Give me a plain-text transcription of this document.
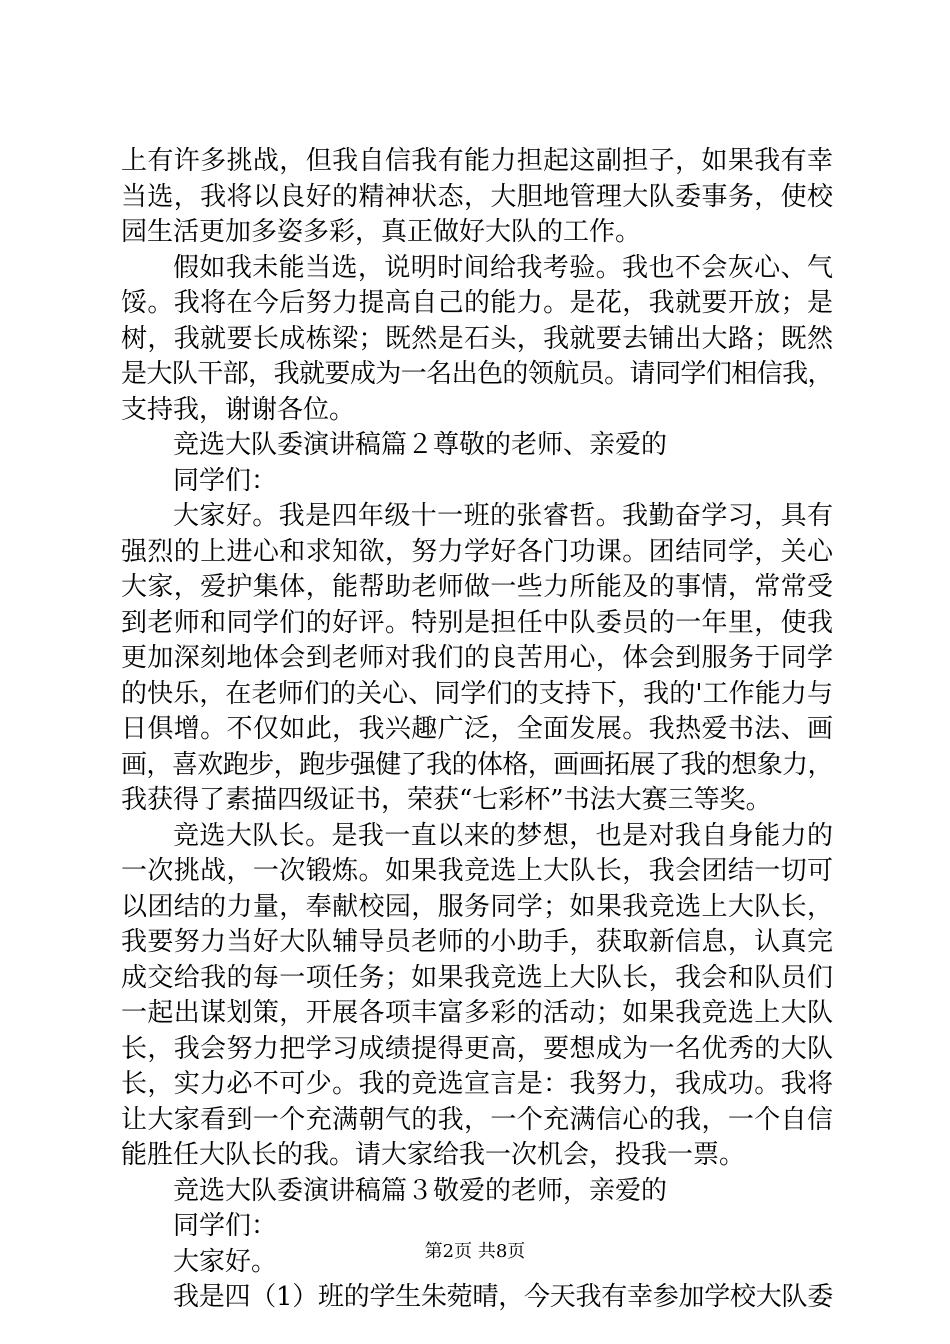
上有许多挑战，但我自信我有能力担起这副担子，如果我有幸
当选，我将以良好的精神状态，大胆地管理大队委事务，使校
园生活更加多姿多彩，真正做好大队的工作。
假如我未能当选，说明时间给我考验。我也不会灰心、气
馁。我将在今后努力提高自己的能力。是花，我就要开放；是
树，我就要长成栋梁；既然是石头，我就要去铺出大路；既然
是大队干部，我就要成为一名出色的领航员。请同学们相信我，
支持我，谢谢各位。
竞选大队委演讲稿篇２尊敬的老师、亲爱的
同学们：
大家好。我是四年级十一班的张睿哲。我勤奋学习，具有
强烈的上进心和求知欲，努力学好各门功课。团结同学，关心
大家，爱护集体，能帮助老师做一些力所能及的事情，常常受
到老师和同学们的好评。特别是担任中队委员的一年里，使我
更加深刻地体会到老师对我们的良苦用心，体会到服务于同学
的快乐，在老师们的关心、同学们的支持下，我的'工作能力与
日俱增。不仅如此，我兴趣广泛，全面发展。我热爱书法、画
画，喜欢跑步，跑步强健了我的体格，画画拓展了我的想象力，
我获得了素描四级证书，荣获“七彩杯”书法大赛三等奖。
竞选大队长。是我一直以来的梦想，也是对我自身能力的
一次挑战，一次锻炼。如果我竞选上大队长，我会团结一切可
以团结的力量，奉献校园，服务同学；如果我竞选上大队长，
我要努力当好大队辅导员老师的小助手，获取新信息，认真完
成交给我的每一项任务；如果我竞选上大队长，我会和队员们
一起出谋划策，开展各项丰富多彩的活动；如果我竞选上大队
长，我会努力把学习成绩提得更高，要想成为一名优秀的大队
长，实力必不可少。我的竞选宣言是：我努力，我成功。我将
让大家看到一个充满朝气的我，一个充满信心的我，一个自信
能胜任大队长的我。请大家给我一次机会，投我一票。
竞选大队委演讲稿篇３敬爱的老师，亲爱的
同学们：
大家好。
我是四（1）班的学生朱菀晴，今天我有幸参加学校大队委
第2页 共8页
